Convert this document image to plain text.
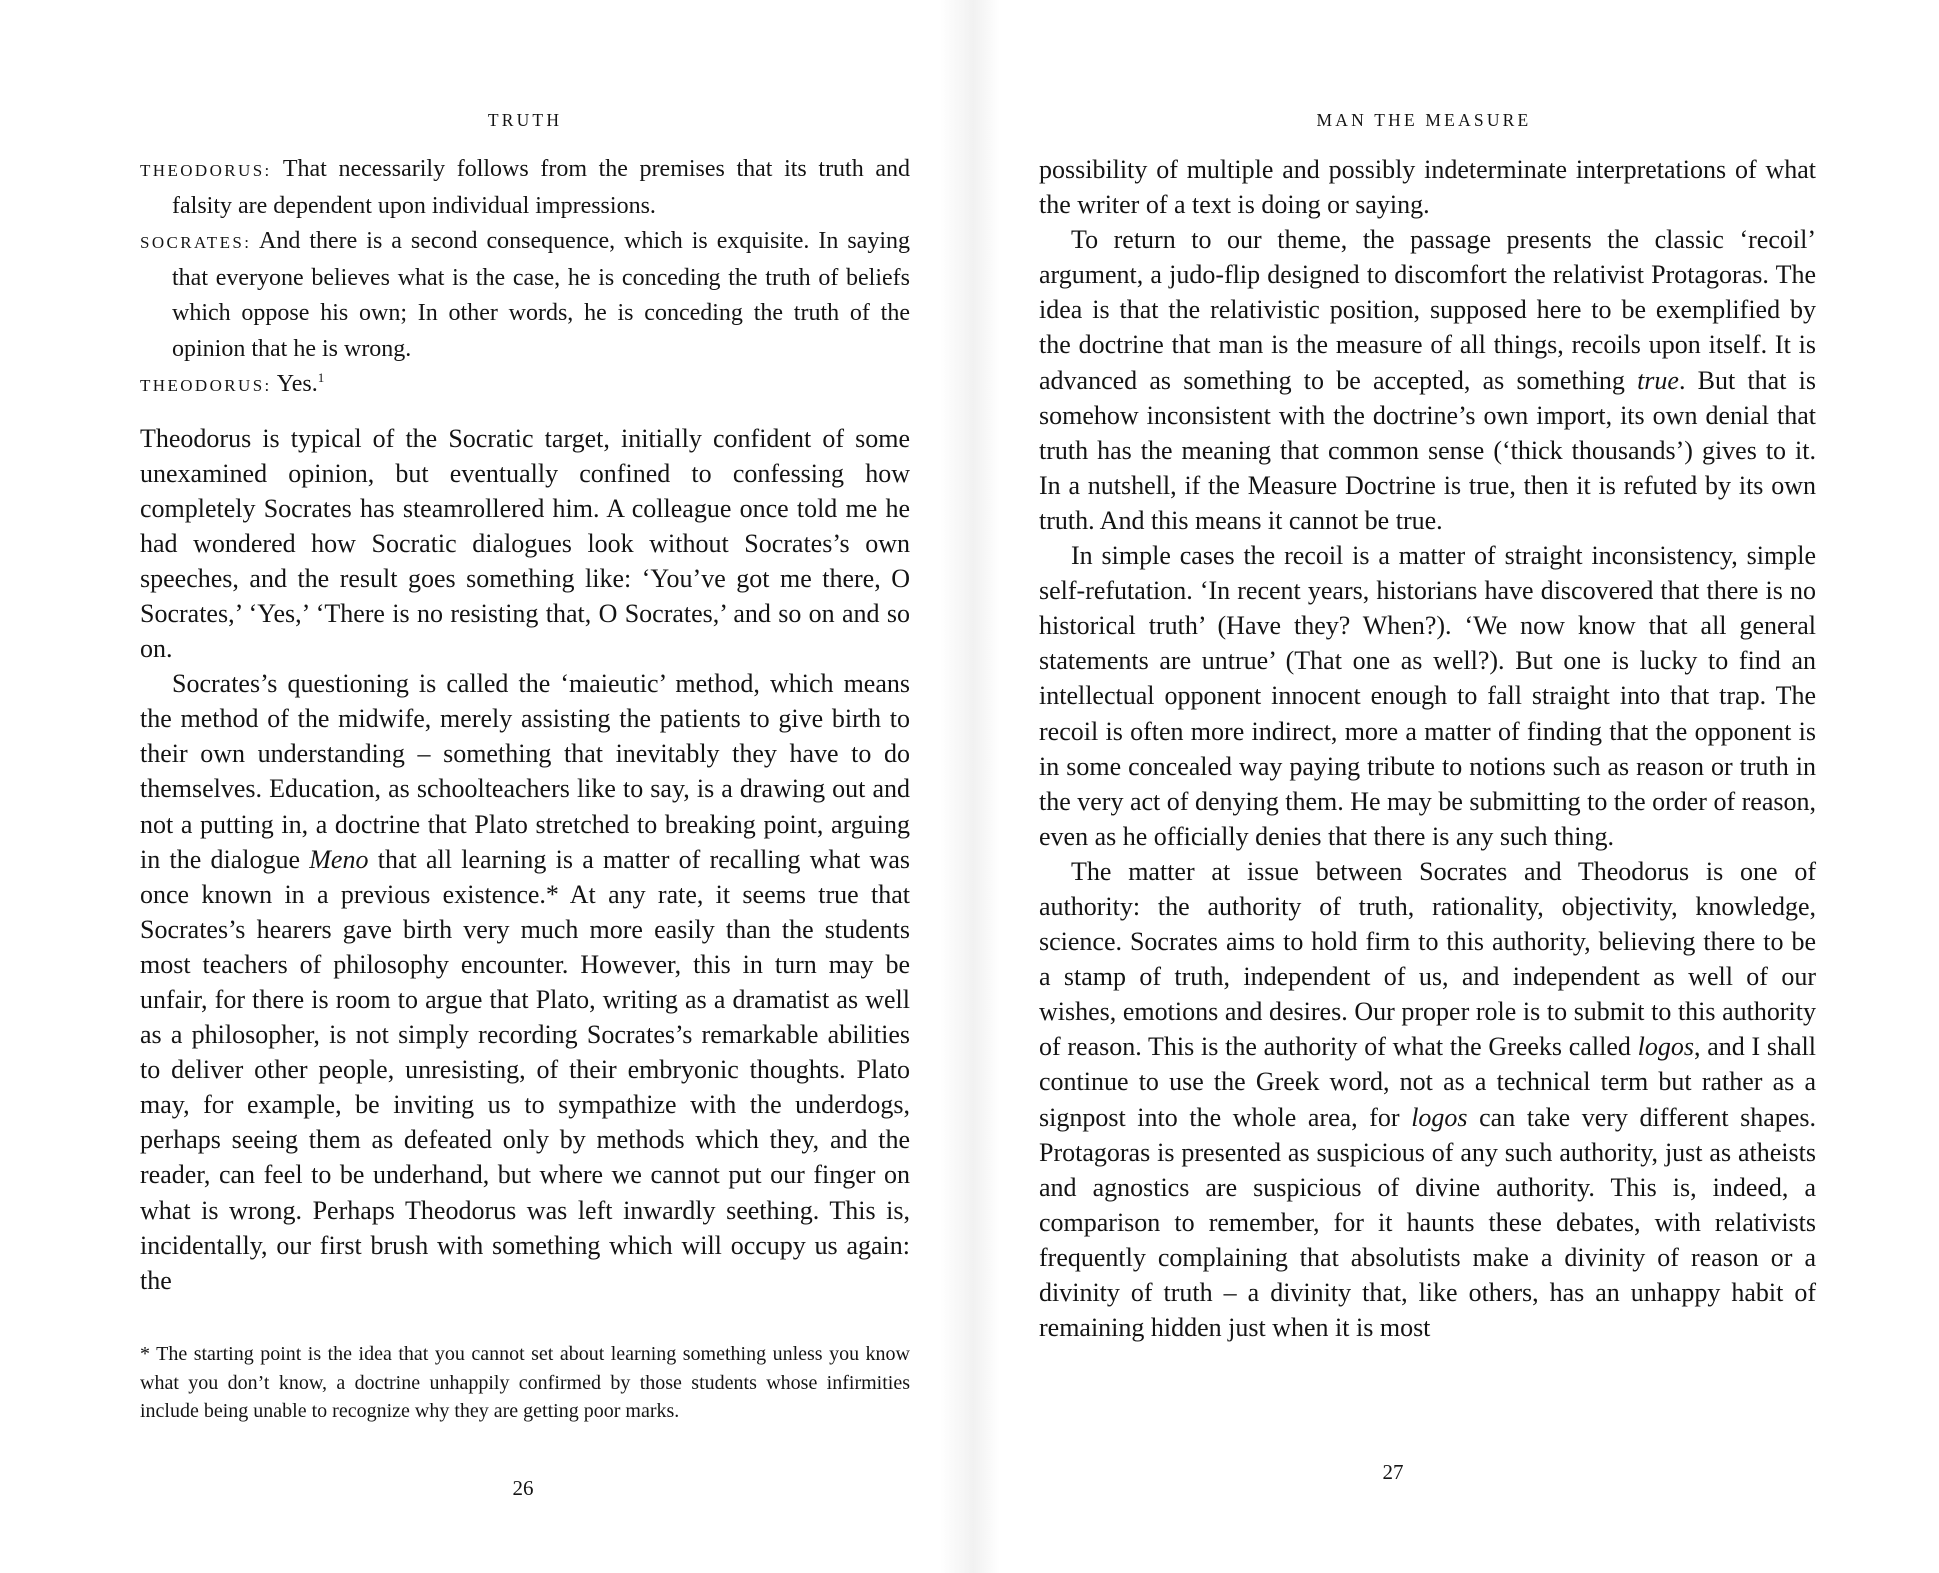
TRUTH

THEODORUS: That necessarily follows from the premises that its truth and falsity are dependent upon individual impressions.

SOCRATES: And there is a second consequence, which is exquisite. In saying that everyone believes what is the case, he is conceding the truth of beliefs which oppose his own; In other words, he is conceding the truth of the opinion that he is wrong.

THEODORUS: Yes.$^1$

Theodorus is typical of the Socratic target, initially confident of some unexamined opinion, but eventually confined to confessing how completely Socrates has steamrollered him. A colleague once told me he had wondered how Socratic dialogues look without Socrates’s own speeches, and the result goes something like: ‘You’ve got me there, O Socrates,’ ‘Yes,’ ‘There is no resisting that, O Socrates,’ and so on and so on.

Socrates’s questioning is called the ‘maieutic’ method, which means the method of the midwife, merely assisting the patients to give birth to their own understanding – something that inevitably they have to do themselves. Education, as schoolteachers like to say, is a drawing out and not a putting in, a doctrine that Plato stretched to breaking point, arguing in the dialogue Meno that all learning is a matter of recalling what was once known in a previous existence.* At any rate, it seems true that Socrates’s hearers gave birth very much more easily than the students most teachers of philosophy encounter. However, this in turn may be unfair, for there is room to argue that Plato, writing as a dramatist as well as a philosopher, is not simply recording Socrates’s remarkable abilities to deliver other people, unresisting, of their embryonic thoughts. Plato may, for example, be inviting us to sympathize with the underdogs, perhaps seeing them as defeated only by methods which they, and the reader, can feel to be underhand, but where we cannot put our finger on what is wrong. Perhaps Theodorus was left inwardly seething. This is, incidentally, our first brush with something which will occupy us again: the

* The starting point is the idea that you cannot set about learning something unless you know what you don’t know, a doctrine unhappily confirmed by those students whose infirmities include being unable to recognize why they are getting poor marks.

26

MAN THE MEASURE

possibility of multiple and possibly indeterminate interpretations of what the writer of a text is doing or saying.

To return to our theme, the passage presents the classic ‘recoil’ argument, a judo-flip designed to discomfort the relativist Protagoras. The idea is that the relativistic position, supposed here to be exemplified by the doctrine that man is the measure of all things, recoils upon itself. It is advanced as something to be accepted, as something true. But that is somehow inconsistent with the doctrine’s own import, its own denial that truth has the meaning that common sense (‘thick thousands’) gives to it. In a nutshell, if the Measure Doctrine is true, then it is refuted by its own truth. And this means it cannot be true.

In simple cases the recoil is a matter of straight inconsistency, simple self-refutation. ‘In recent years, historians have discovered that there is no historical truth’ (Have they? When?). ‘We now know that all general statements are untrue’ (That one as well?). But one is lucky to find an intellectual opponent innocent enough to fall straight into that trap. The recoil is often more indirect, more a matter of finding that the opponent is in some concealed way paying tribute to notions such as reason or truth in the very act of denying them. He may be submitting to the order of reason, even as he officially denies that there is any such thing.

The matter at issue between Socrates and Theodorus is one of authority: the authority of truth, rationality, objectivity, knowledge, science. Socrates aims to hold firm to this authority, believing there to be a stamp of truth, independent of us, and independent as well of our wishes, emotions and desires. Our proper role is to submit to this authority of reason. This is the authority of what the Greeks called logos, and I shall continue to use the Greek word, not as a technical term but rather as a signpost into the whole area, for logos can take very different shapes. Protagoras is presented as suspicious of any such authority, just as atheists and agnostics are suspicious of divine authority. This is, indeed, a comparison to remember, for it haunts these debates, with relativists frequently complaining that absolutists make a divinity of reason or a divinity of truth – a divinity that, like others, has an unhappy habit of remaining hidden just when it is most

27
